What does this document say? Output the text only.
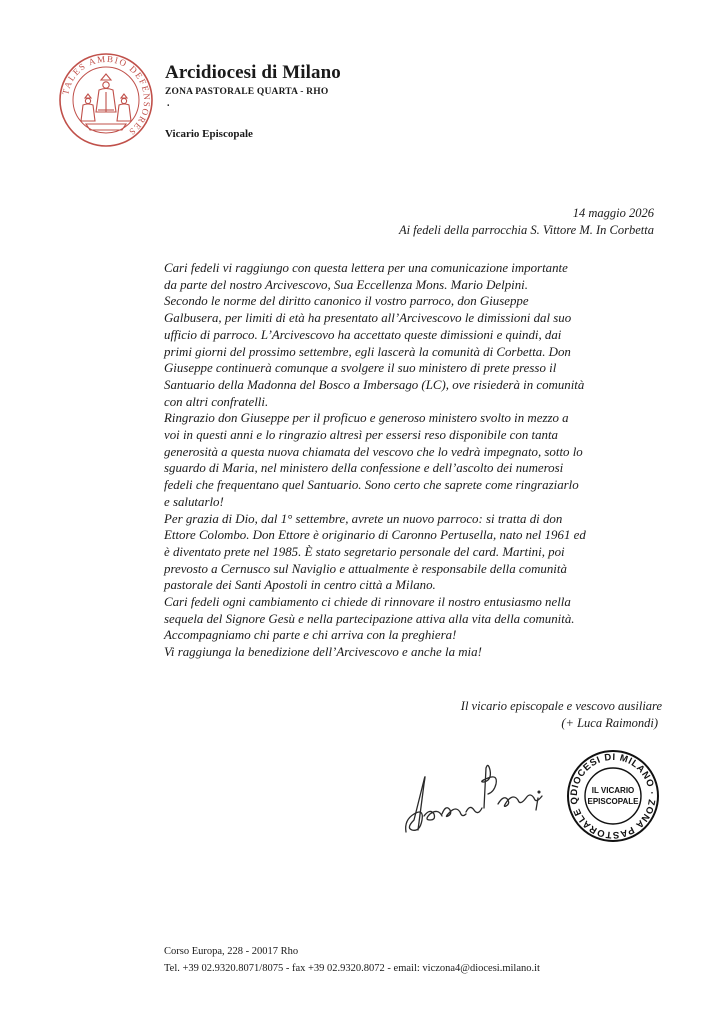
TALES AMBIO DEFENSORES
Arcidiocesi di Milano
ZONA PASTORALE QUARTA - RHO
.
Vicario Episcopale
14 maggio 2026
Ai fedeli della parrocchia S. Vittore M. In Corbetta

Cari fedeli vi raggiungo con questa lettera per una comunicazione importante

da parte del nostro Arcivescovo, Sua Eccellenza Mons. Mario Delpini.

Secondo le norme del diritto canonico il vostro parroco, don Giuseppe

Galbusera, per limiti di età ha presentato all’Arcivescovo le dimissioni dal suo

ufficio di parroco. L’Arcivescovo ha accettato queste dimissioni e quindi, dai

primi giorni del prossimo settembre, egli lascerà la comunità di Corbetta. Don

Giuseppe continuerà comunque a svolgere il suo ministero di prete presso il

Santuario della Madonna del Bosco a Imbersago (LC), ove risiederà in comunità

con altri confratelli.

Ringrazio don Giuseppe per il proficuo e generoso ministero svolto in mezzo a

voi in questi anni e lo ringrazio altresì per essersi reso disponibile con tanta

generosità a questa nuova chiamata del vescovo che lo vedrà impegnato, sotto lo

sguardo di Maria, nel ministero della confessione e dell’ascolto dei numerosi

fedeli che frequentano quel Santuario. Sono certo che saprete come ringraziarlo

e salutarlo!

Per grazia di Dio, dal 1° settembre, avrete un nuovo parroco: si tratta di don

Ettore Colombo. Don Ettore è originario di Caronno Pertusella, nato nel 1961 ed

è diventato prete nel 1985. È stato segretario personale del card. Martini, poi

prevosto a Cernusco sul Naviglio e attualmente è responsabile della comunità

pastorale dei Santi Apostoli in centro città a Milano.

Cari fedeli ogni cambiamento ci chiede di rinnovare il nostro entusiasmo nella

sequela del Signore Gesù e nella partecipazione attiva alla vita della comunità.

Accompagniamo chi parte e chi arriva con la preghiera!

Vi raggiunga la benedizione dell’Arcivescovo e anche la mia!

Il vicario episcopale e vescovo ausiliare
(+ Luca Raimondi)
DIOCESI DI MILANO · ZONA PASTORALE Q
IL VICARIO
EPISCOPALE
Corso Europa, 228 - 20017 Rho
Tel. +39 02.9320.8071/8075 - fax +39 02.9320.8072 - email: viczona4@diocesi.milano.it
